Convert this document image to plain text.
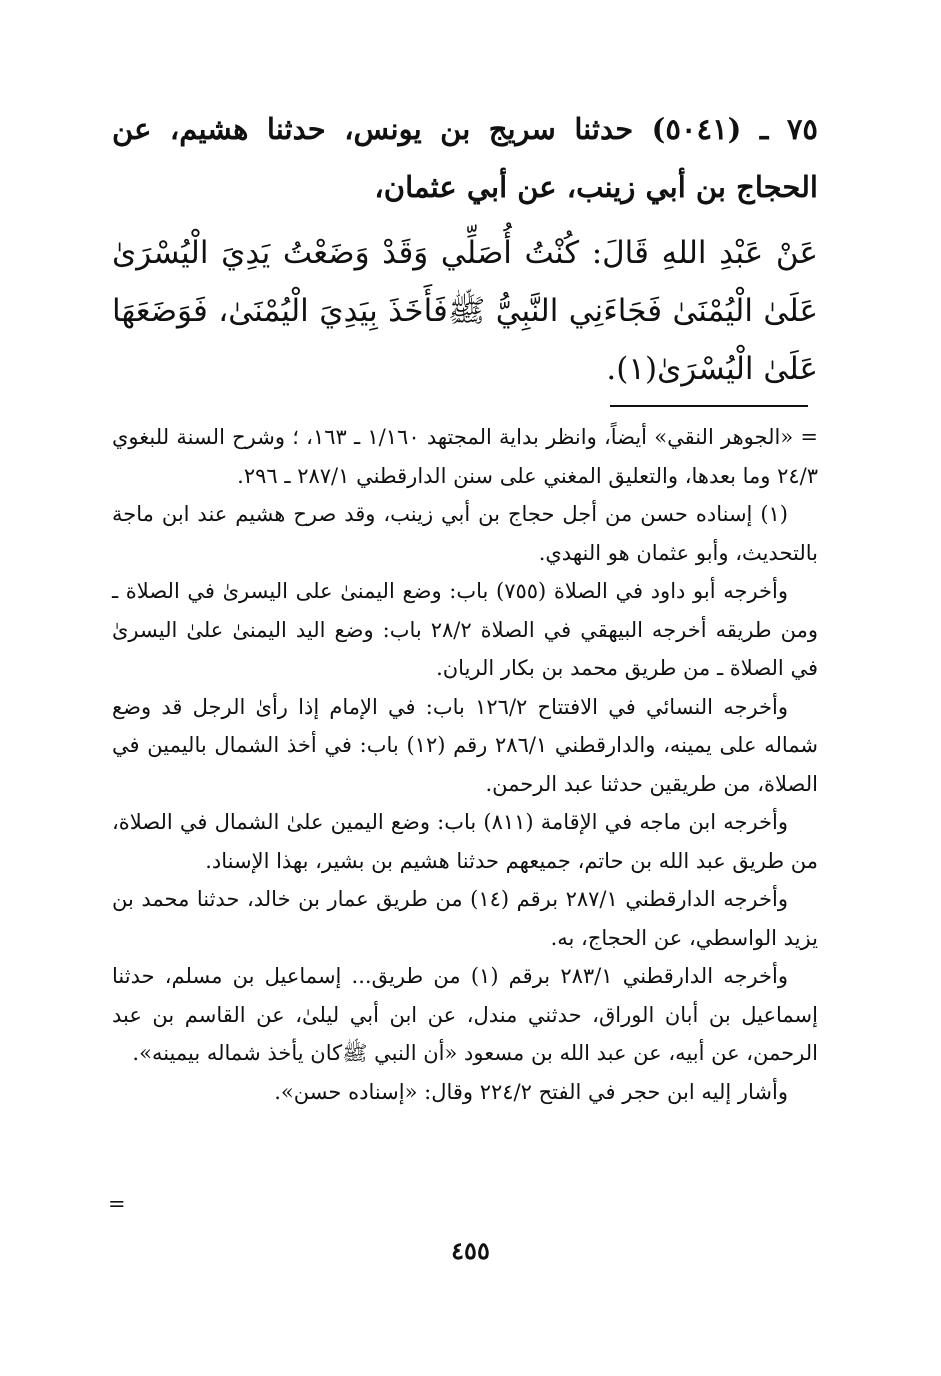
٧٥ ـ (٥٠٤١) حدثنا سريج بن يونس، حدثنا هشيم، عن الحجاج بن أبي زينب، عن أبي عثمان،

عَنْ عَبْدِ اللهِ قَالَ: كُنْتُ أُصَلِّي وَقَدْ وَضَعْتُ يَدِيَ الْيُسْرَىٰ عَلَىٰ الْيُمْنَىٰ فَجَاءَنِي النَّبِيُّ ﷺفَأَخَذَ بِيَدِيَ الْيُمْنَىٰ، فَوَضَعَهَا عَلَىٰ الْيُسْرَىٰ(١).

= «الجوهر النقي» أيضاً، وانظر بداية المجتهد ١/١٦٠ ـ ١٦٣، ؛ وشرح السنة للبغوي ٢٤/٣ وما بعدها، والتعليق المغني على سنن الدارقطني ٢٨٧/١ ـ ٢٩٦.

(١) إسناده حسن من أجل حجاج بن أبي زينب، وقد صرح هشيم عند ابن ماجة بالتحديث، وأبو عثمان هو النهدي.

وأخرجه أبو داود في الصلاة (٧٥٥) باب: وضع اليمنىٰ على اليسرىٰ في الصلاة ـ ومن طريقه أخرجه البيهقي في الصلاة ٢٨/٢ باب: وضع اليد اليمنىٰ علىٰ اليسرىٰ في الصلاة ـ من طريق محمد بن بكار الريان.

وأخرجه النسائي في الافتتاح ١٢٦/٢ باب: في الإمام إذا رأىٰ الرجل قد وضع شماله على يمينه، والدارقطني ٢٨٦/١ رقم (١٢) باب: في أخذ الشمال باليمين في الصلاة، من طريقين حدثنا عبد الرحمن.

وأخرجه ابن ماجه في الإقامة (٨١١) باب: وضع اليمين علىٰ الشمال في الصلاة، من طريق عبد الله بن حاتم، جميعهم حدثنا هشيم بن بشير، بهذا الإسناد.

وأخرجه الدارقطني ٢٨٧/١ برقم (١٤) من طريق عمار بن خالد، حدثنا محمد بن يزيد الواسطي، عن الحجاج، به.

وأخرجه الدارقطني ٢٨٣/١ برقم (١) من طريق... إسماعيل بن مسلم، حدثنا إسماعيل بن أبان الوراق، حدثني مندل، عن ابن أبي ليلىٰ، عن القاسم بن عبد الرحمن، عن أبيه، عن عبد الله بن مسعود «أن النبي ﷺكان يأخذ شماله بيمينه».

وأشار إليه ابن حجر في الفتح ٢٢٤/٢ وقال: «إسناده حسن».

=
٤٥٥
